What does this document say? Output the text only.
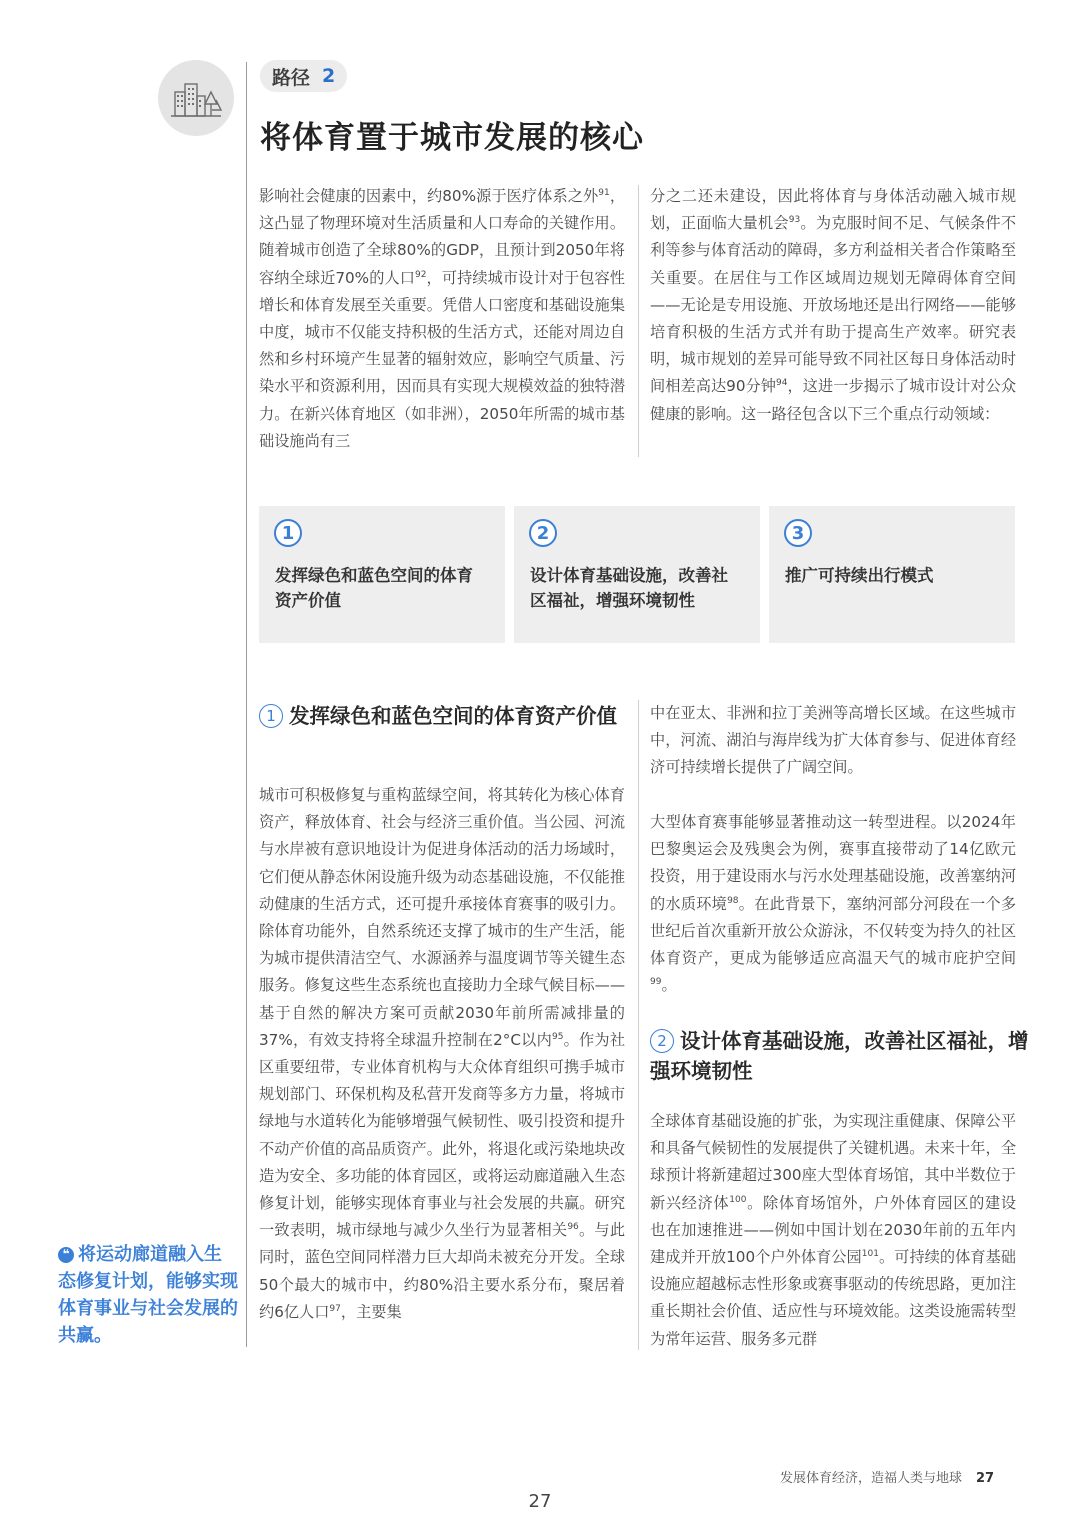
路径 2
将体育置于城市发展的核心

影响社会健康的因素中，约80%源于医疗体系之外$^{91}$，这凸显了物理环境对生活质量和人口寿命的关键作用。随着城市创造了全球80%的GDP，且预计到2050年将容纳全球近70%的人口$^{92}$，可持续城市设计对于包容性增长和体育发展至关重要。凭借人口密度和基础设施集中度，城市不仅能支持积极的生活方式，还能对周边自然和乡村环境产生显著的辐射效应，影响空气质量、污染水平和资源利用，因而具有实现大规模效益的独特潜力。在新兴体育地区（如非洲），2050年所需的城市基础设施尚有三

分之二还未建设，因此将体育与身体活动融入城市规划，正面临大量机会$^{93}$。为克服时间不足、气候条件不利等参与体育活动的障碍，多方利益相关者合作策略至关重要。在居住与工作区域周边规划无障碍体育空间——无论是专用设施、开放场地还是出行网络——能够培育积极的生活方式并有助于提高生产效率。研究表明，城市规划的差异可能导致不同社区每日身体活动时间相差高达90分钟$^{94}$，这进一步揭示了城市设计对公众健康的影响。这一路径包含以下三个重点行动领域：

1
发挥绿色和蓝色空间的体育资产价值
2
设计体育基础设施，改善社区福祉，增强环境韧性
3
推广可持续出行模式
1 发挥绿色和蓝色空间的体育资产价值

城市可积极修复与重构蓝绿空间，将其转化为核心体育资产，释放体育、社会与经济三重价值。当公园、河流与水岸被有意识地设计为促进身体活动的活力场域时，它们便从静态休闲设施升级为动态基础设施，不仅能推动健康的生活方式，还可提升承接体育赛事的吸引力。除体育功能外，自然系统还支撑了城市的生产生活，能为城市提供清洁空气、水源涵养与温度调节等关键生态服务。修复这些生态系统也直接助力全球气候目标——基于自然的解决方案可贡献2030年前所需减排量的37%，有效支持将全球温升控制在2°C以内$^{95}$。作为社区重要纽带，专业体育机构与大众体育组织可携手城市规划部门、环保机构及私营开发商等多方力量，将城市绿地与水道转化为能够增强气候韧性、吸引投资和提升不动产价值的高品质资产。此外，将退化或污染地块改造为安全、多功能的体育园区，或将运动廊道融入生态修复计划，能够实现体育事业与社会发展的共赢。研究一致表明，城市绿地与减少久坐行为显著相关$^{96}$。与此同时，蓝色空间同样潜力巨大却尚未被充分开发。全球50个最大的城市中，约80%沿主要水系分布，聚居着约6亿人口$^{97}$，主要集

中在亚太、非洲和拉丁美洲等高增长区域。在这些城市中，河流、湖泊与海岸线为扩大体育参与、促进体育经济可持续增长提供了广阔空间。

大型体育赛事能够显著推动这一转型进程。以2024年巴黎奥运会及残奥会为例，赛事直接带动了14亿欧元投资，用于建设雨水与污水处理基础设施，改善塞纳河的水质环境$^{98}$。在此背景下，塞纳河部分河段在一个多世纪后首次重新开放公众游泳，不仅转变为持久的社区体育资产，更成为能够适应高温天气的城市庇护空间$^{99}$。

2 设计体育基础设施，改善社区福祉，增强环境韧性

全球体育基础设施的扩张，为实现注重健康、保障公平和具备气候韧性的发展提供了关键机遇。未来十年，全球预计将新建超过300座大型体育场馆，其中半数位于新兴经济体$^{100}$。除体育场馆外，户外体育园区的建设也在加速推进——例如中国计划在2030年前的五年内建成并开放100个户外体育公园$^{101}$。可持续的体育基础设施应超越标志性形象或赛事驱动的传统思路，更加注重长期社会价值、适应性与环境效能。这类设施需转型为常年运营、服务多元群

❝ 将运动廊道融入生态修复计划，能够实现体育事业与社会发展的共赢。

发展体育经济，造福人类与地球 27
27
